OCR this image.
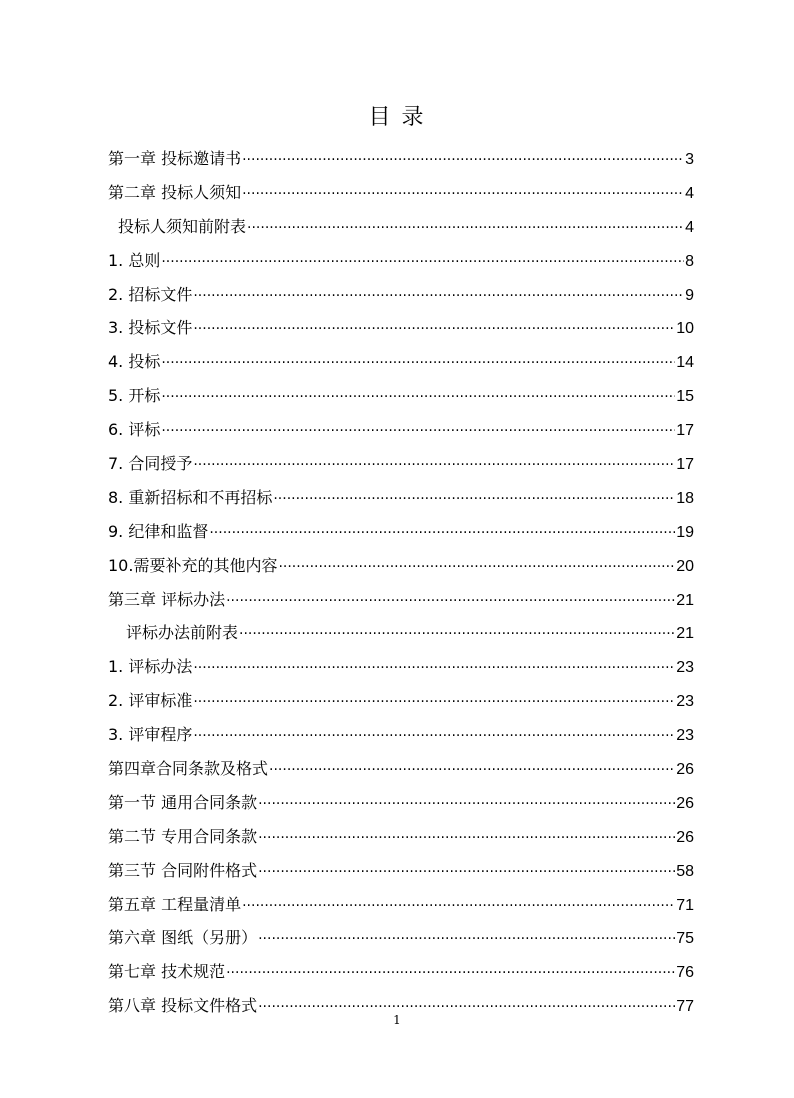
目 录
第一章 投标邀请书 ·····	3
第二章 投标人须知 ·····	4
投标人须知前附表 ·····	4
1. 总则 ·····	8
2. 招标文件 ·····	9
3. 投标文件 ·····	10
4. 投标 ·····	14
5. 开标 ·····	15
6. 评标 ·····	17
7. 合同授予 ·····	17
8. 重新招标和不再招标 ·····	18
9. 纪律和监督 ·····	19
10.需要补充的其他内容 ·····	20
第三章 评标办法 ·····	21
评标办法前附表 ·····	21
1. 评标办法 ·····	23
2. 评审标准 ·····	23
3. 评审程序 ·····	23
第四章合同条款及格式 ·····	26
第一节 通用合同条款 ·····	26
第二节 专用合同条款 ·····	26
第三节 合同附件格式 ·····	58
第五章 工程量清单 ·····	71
第六章 图纸（另册） ·····	75
第七章 技术规范 ·····	76
第八章 投标文件格式 ·····	77
1
